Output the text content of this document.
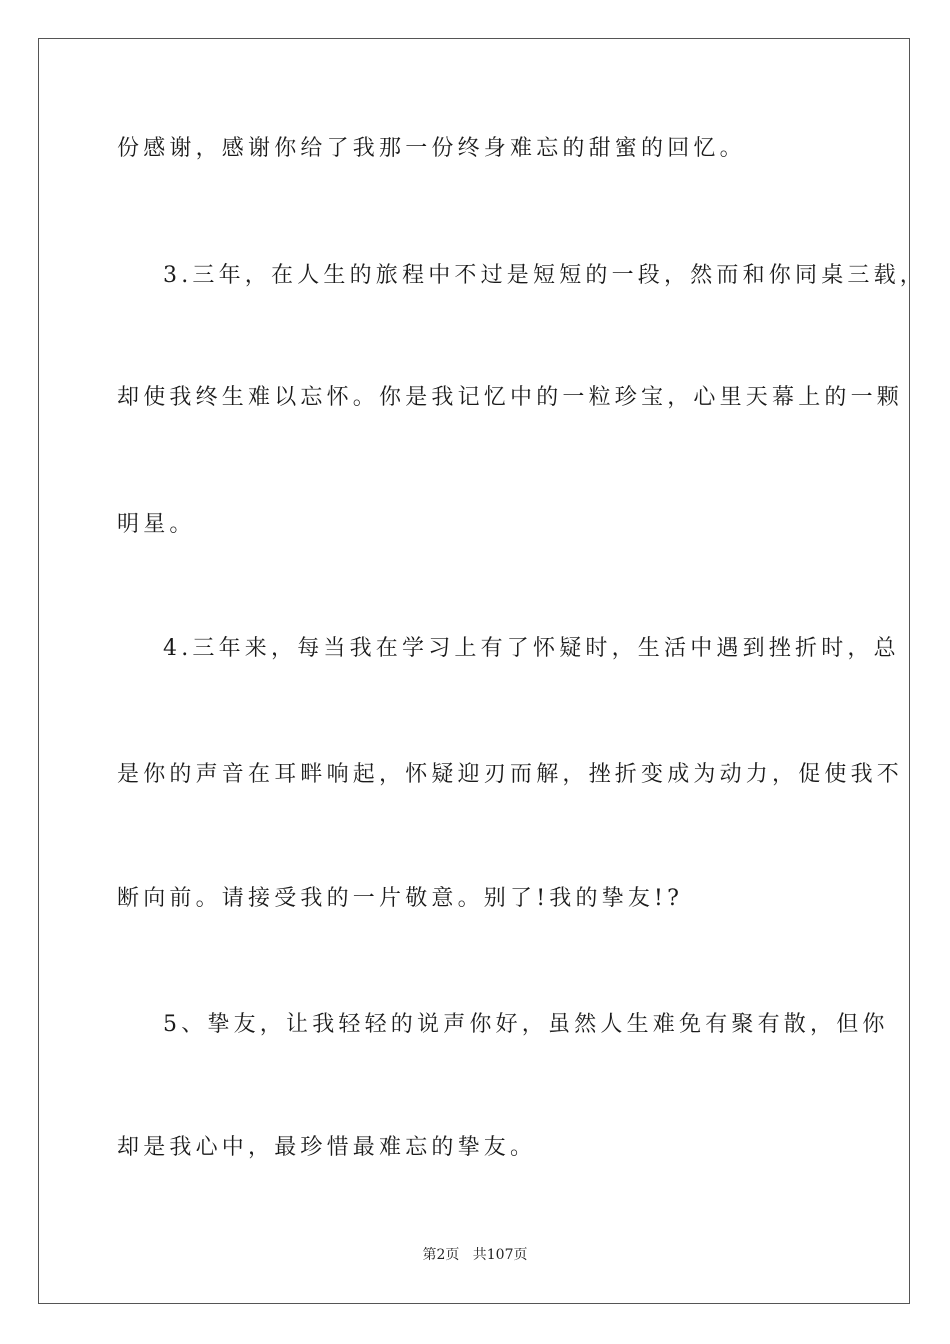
份感谢，感谢你给了我那一份终身难忘的甜蜜的回忆。
3.三年，在人生的旅程中不过是短短的一段，然而和你同桌三载，
却使我终生难以忘怀。你是我记忆中的一粒珍宝，心里天幕上的一颗
明星。
4.三年来，每当我在学习上有了怀疑时，生活中遇到挫折时，总
是你的声音在耳畔响起，怀疑迎刃而解，挫折变成为动力，促使我不
断向前。请接受我的一片敬意。别了!我的挚友!?
5、挚友，让我轻轻的说声你好，虽然人生难免有聚有散，但你
却是我心中，最珍惜最难忘的挚友。
第2页 共107页
